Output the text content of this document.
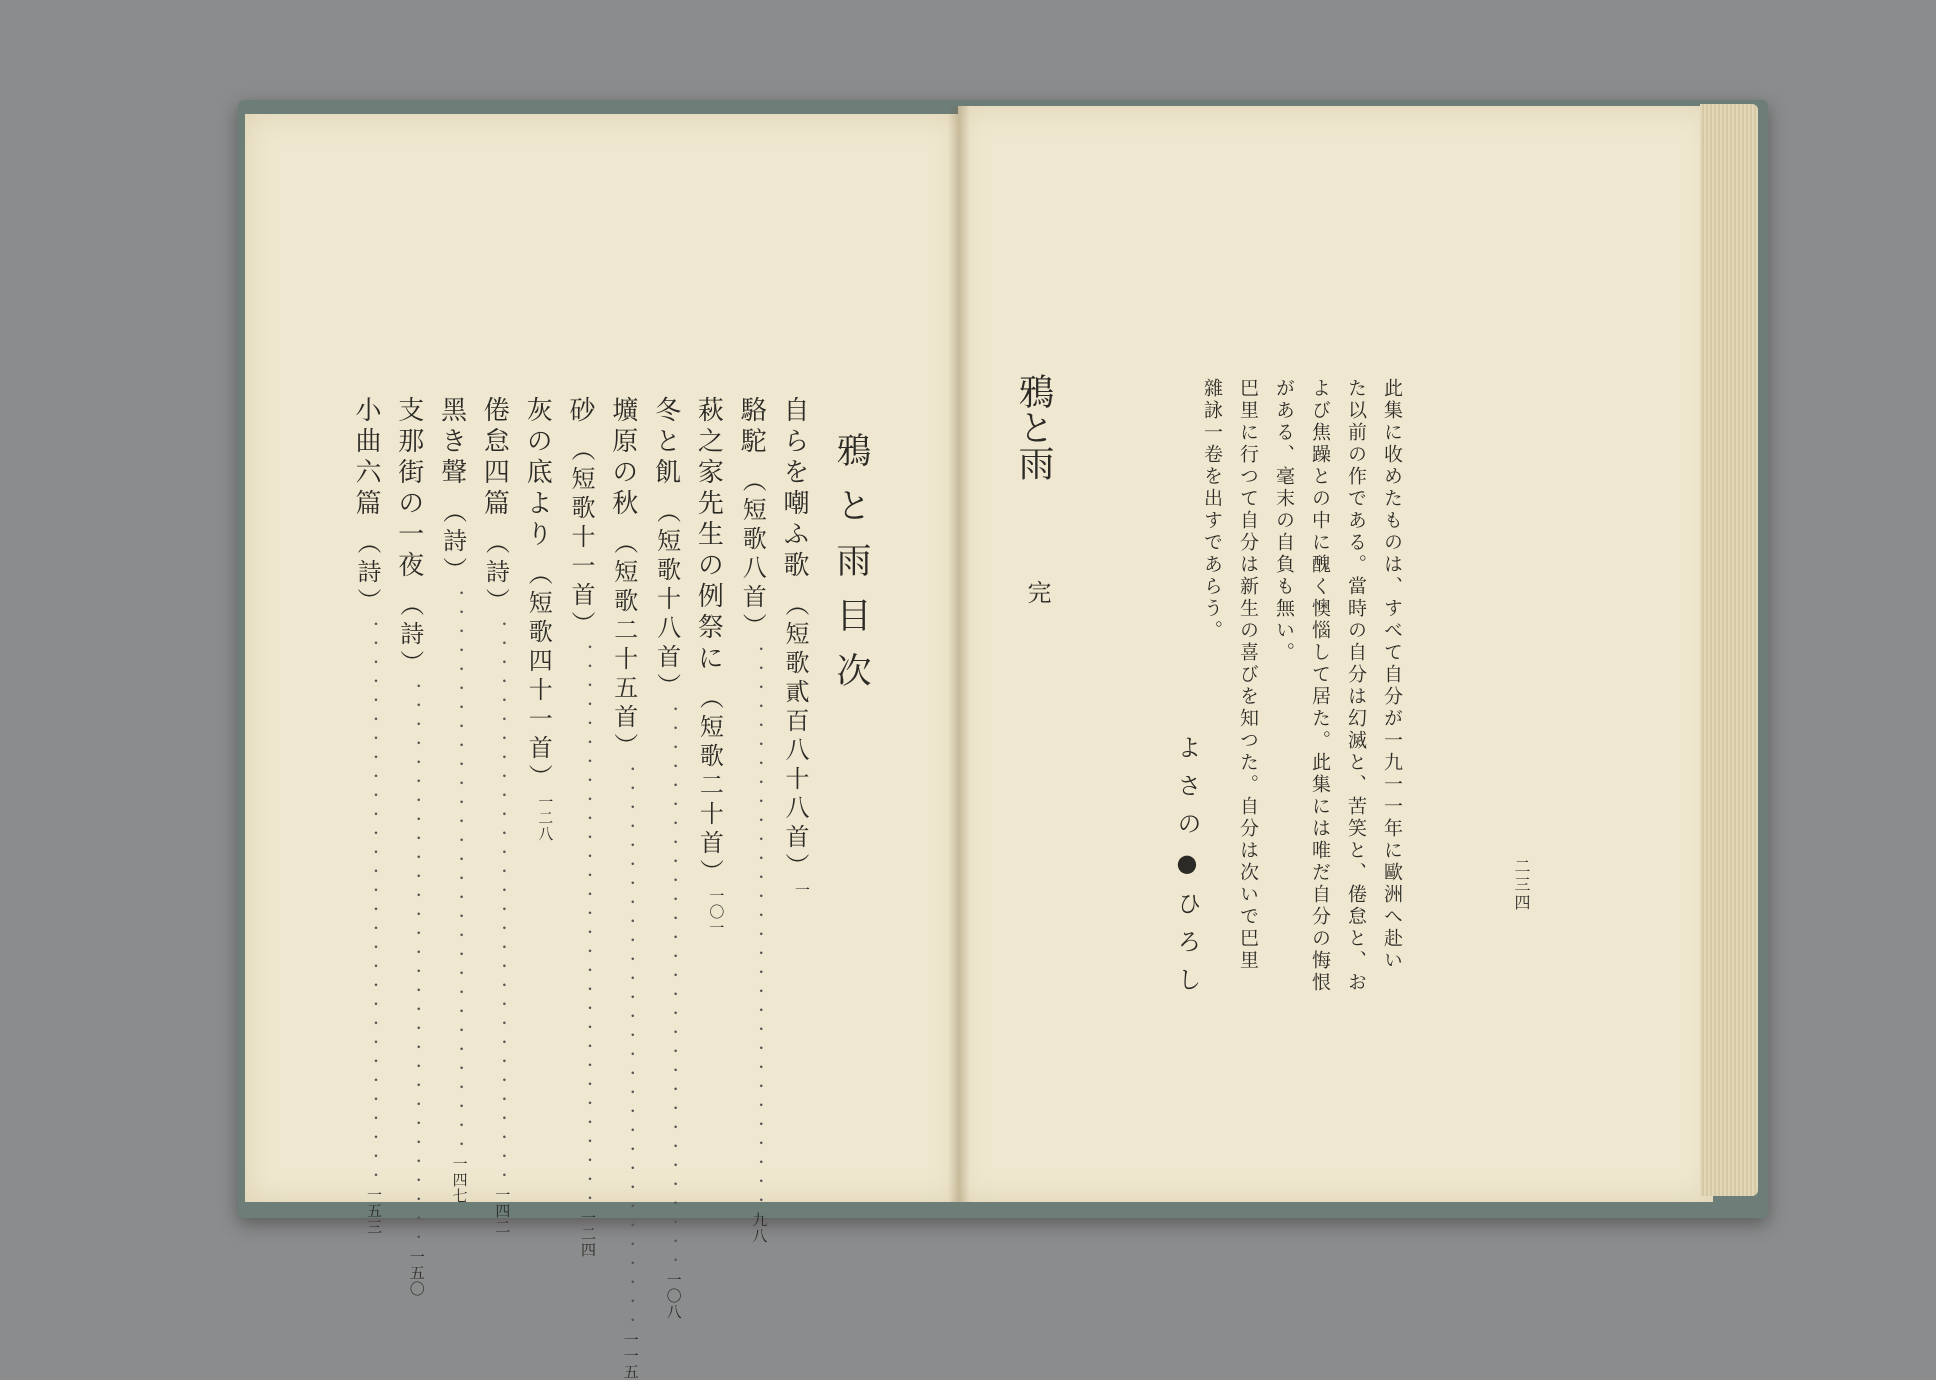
鴉と雨目次

自らを嘲ふ歌
（短歌貳百八十八首）
一
駱駝
（短歌八首）
・・・・・・・・・・・・・・・・・・・・・・・・・・・・・・
九八
萩之家先生の例祭に
（短歌二十首）
一〇一
冬と飢
（短歌十八首）
・・・・・・・・・・・・・・・・・・・・・・・・・・・・・・
一〇八
壙原の秋
（短歌二十五首）
・・・・・・・・・・・・・・・・・・・・・・・・・・・・・・
一一五
砂
（短歌十一首）
・・・・・・・・・・・・・・・・・・・・・・・・・・・・・・
一二四
灰の底より
（短歌四十一首）
一二八
倦怠四篇
（詩）
・・・・・・・・・・・・・・・・・・・・・・・・・・・・・・
一四二
黑き聲
（詩）
・・・・・・・・・・・・・・・・・・・・・・・・・・・・・・
一四七
支那街の一夜
（詩）
・・・・・・・・・・・・・・・・・・・・・・・・・・・・・・
一五〇
小曲六篇
（詩）
・・・・・・・・・・・・・・・・・・・・・・・・・・・・・・
一五三

鴉と雨

完	此集に收めたものは、すべて自分が一九一一年に歐洲へ赴い

た以前の作である。當時の自分は幻滅と、苦笑と、倦怠と、お

よび焦躁との中に醜く懊惱して居た。此集には唯だ自分の悔恨

がある、毫末の自負も無い。

巴里に行つて自分は新生の喜びを知つた。自分は次いで巴里

雜詠一卷を出すであらう。

よさの●ひろし	二三四
